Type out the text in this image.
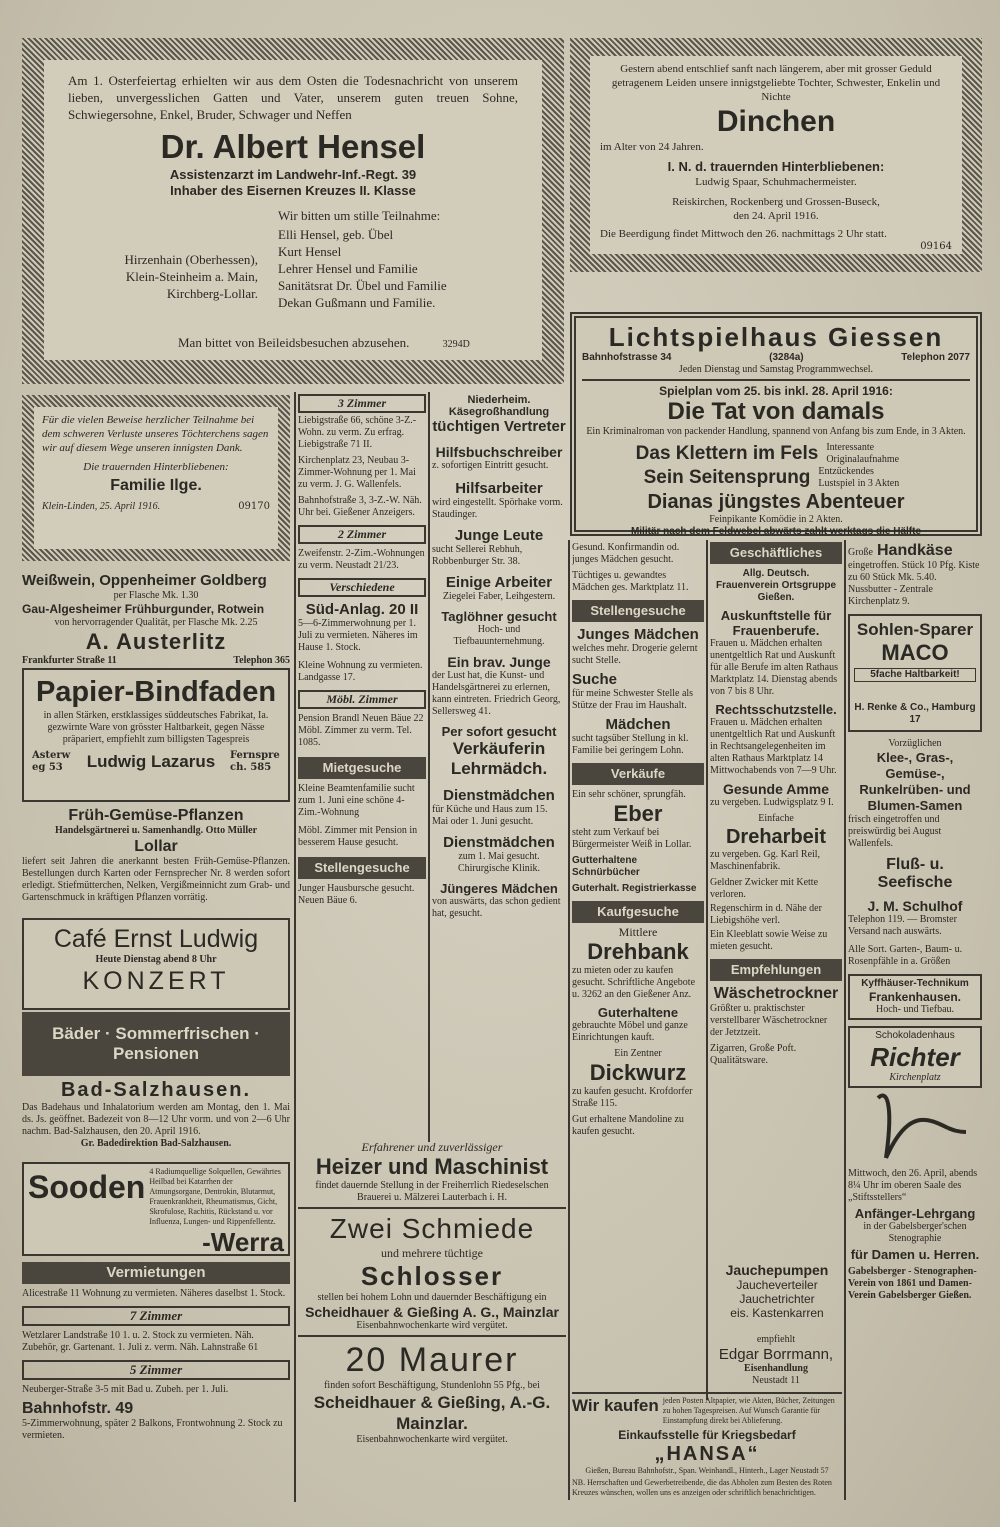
Am 1. Osterfeiertag erhielten wir aus dem Osten die Todesnachricht von unserem lieben, unvergesslichen Gatten und Vater, unserem guten treuen Sohne, Schwiegersohne, Enkel, Bruder, Schwager und Neffen

Dr. Albert Hensel
Assistenzarzt im Landwehr-Inf.-Regt. 39
Inhaber des Eisernen Kreuzes II. Klasse
Hirzenhain (Oberhessen),
Klein-Steinheim a. Main,
Kirchberg-Lollar.
Wir bitten um stille Teilnahme:
Elli Hensel, geb. Übel
Kurt Hensel
Lehrer Hensel und Familie
Sanitätsrat Dr. Übel und Familie
Dekan Gußmann und Familie.
Man bittet von Beileidsbesuchen abzusehen.	3294D

Gestern abend entschlief sanft nach längerem, aber mit grosser Geduld getragenem Leiden unsere innigstgeliebte Tochter, Schwester, Enkelin und Nichte

Dinchen
im Alter von 24 Jahren.
I. N. d. trauernden Hinterbliebenen:
Ludwig Spaar, Schuhmachermeister.
Reiskirchen, Rockenberg und Grossen-Buseck,
den 24. April 1916.
Die Beerdigung findet Mittwoch den 26. nachmittags 2 Uhr statt.
09164
Lichtspielhaus Giessen
Bahnhofstrasse 34	(3284a)	Telephon 2077
Jeden Dienstag und Samstag Programmwechsel.
Spielplan vom 25. bis inkl. 28. April 1916:
Die Tat von damals
Ein Kriminalroman von packender Handlung, spannend von Anfang bis zum Ende, in 3 Akten.
Das Klettern im Fels Interessante Originalaufnahme
Sein Seitensprung Entzückendes Lustspiel in 3 Akten
Dianas jüngstes Abenteuer
Feinpikante Komödie in 2 Akten.
Militär nach dem Feldwebel abwärts zahlt werktags die Hälfte

Für die vielen Beweise herzlicher Teilnahme bei dem schweren Verluste unseres Töchterchens sagen wir auf diesem Wege unseren innigsten Dank.

Die trauernden Hinterbliebenen:
Familie Ilge.
Klein-Linden, 25. April 1916.	09170
Weißwein, Oppenheimer Goldberg
per Flasche Mk. 1.30
Gau-Algesheimer Frühburgunder, Rotwein
von hervorragender Qualität, per Flasche Mk. 2.25
A. Austerlitz
Frankfurter Straße 11	Telephon 365
Papier-Bindfaden

in allen Stärken, erstklassiges süddeutsches Fabrikat, Ia. gezwirnte Ware von grösster Haltbarkeit, gegen Nässe präpariert, empfiehlt zum billigsten Tagespreis

Asterweg 53	Ludwig Lazarus Fernsprech. 585
Früh-Gemüse-Pflanzen
Handelsgärtnerei u. Samenhandlg. Otto Müller
Lollar

liefert seit Jahren die anerkannt besten Früh-Gemüse-Pflanzen. Bestellungen durch Karten oder Fernsprecher Nr. 8 werden sofort erledigt. Stiefmütterchen, Nelken, Vergißmeinnicht zum Grab- und Gartenschmuck in kräftigen Pflanzen vorrätig.

Café Ernst Ludwig
Heute Dienstag abend 8 Uhr
KONZERT
Bäder · Sommerfrischen · Pensionen
Bad-Salzhausen.

Das Badehaus und Inhalatorium werden am Montag, den 1. Mai ds. Js. geöffnet. Badezeit von 8—12 Uhr vorm. und von 2—6 Uhr nachm. Bad-Salzhausen, den 20. April 1916.

Gr. Badedirektion Bad-Salzhausen.
Sooden 4 Radiumquellige Solquellen, Gewährtes Heilbad bei Katarrhen der Atmungsorgane, Dentrokin, Blutarmut, Frauenkrankheit, Rheumatismus, Gicht, Skrofulose, Rachitis, Rückstand u. vor Influenza, Lungen- und Rippenfellentz.

-Werra
Vermietungen

Alicestraße 11 Wohnung zu vermieten. Näheres daselbst 1. Stock.

7 Zimmer

Wetzlarer Landstraße 10 1. u. 2. Stock zu vermieten. Näh. Zubehör, gr. Gartenant. 1. Juli z. verm. Näh. Lahnstraße 61

5 Zimmer

Neuberger-Straße 3-5 mit Bad u. Zubeh. per 1. Juli.

Bahnhofstr. 49

5-Zimmerwohnung, später 2 Balkons, Frontwohnung 2. Stock zu vermieten.

3 Zimmer

Liebigstraße 66, schöne 3-Z.-Wohn. zu verm. Zu erfrag. Liebigstraße 71 II.

Kirchenplatz 23, Neubau 3-Zimmer-Wohnung per 1. Mai zu verm. J. G. Wallenfels.

Bahnhofstraße 3, 3-Z.-W. Näh. Uhr bei. Gießener Anzeigers.

2 Zimmer

Zweifenstr. 2-Zim.-Wohnungen zu verm. Neustadt 21/23.

Verschiedene
Süd-Anlag. 20 II

5—6-Zimmerwohnung per 1. Juli zu vermieten. Näheres im Hause 1. Stock.

Kleine Wohnung zu vermieten. Landgasse 17.

Möbl. Zimmer

Pension Brandl Neuen Bäue 22 Möbl. Zimmer zu verm. Tel. 1085.

Mietgesuche

Kleine Beamtenfamilie sucht zum 1. Juni eine schöne 4-Zim.-Wohnung

Möbl. Zimmer mit Pension in besserem Hause gesucht.

Stellengesuche

Junger Hausbursche gesucht. Neuen Bäue 6.

Niederheim. Käsegroßhandlung
tüchtigen Vertreter
Hilfsbuchschreiber

z. sofortigen Eintritt gesucht.

Hilfsarbeiter

wird eingestellt. Spörhake vorm. Staudinger.

Junge Leute

sucht Sellerei Rebhuh, Robbenburger Str. 38.

Einige Arbeiter

Ziegelei Faber, Leihgestern.

Taglöhner gesucht

Hoch- und Tiefbauunternehmung.

Ein brav. Junge

der Lust hat, die Kunst- und Handelsgärtnerei zu erlernen, kann eintreten. Friedrich Georg, Sellersweg 41.

Per sofort gesucht
Verkäuferin
Lehrmädch.
Dienstmädchen

für Küche und Haus zum 15. Mai oder 1. Juni gesucht.

Dienstmädchen

zum 1. Mai gesucht. Chirurgische Klinik.

Jüngeres Mädchen

von auswärts, das schon gedient hat, gesucht.

Erfahrener und zuverlässiger
Heizer und Maschinist

findet dauernde Stellung in der Freiherrlich Riedeselschen Brauerei u. Mälzerei Lauterbach i. H.

Zwei Schmiede
und mehrere tüchtige
Schlosser

stellen bei hohem Lohn und dauernder Beschäftigung ein

Scheidhauer & Gießing A. G., Mainzlar
Eisenbahnwochenkarte wird vergütet.
20 Maurer

finden sofort Beschäftigung, Stundenlohn 55 Pfg., bei

Scheidhauer & Gießing, A.-G.
Mainzlar.
Eisenbahnwochenkarte wird vergütet.

Gesund. Konfirmandin od. junges Mädchen gesucht.

Tüchtiges u. gewandtes Mädchen ges. Marktplatz 11.

Stellengesuche
Junges Mädchen

welches mehr. Drogerie gelernt sucht Stelle.

Suche

für meine Schwester Stelle als Stütze der Frau im Haushalt.

Mädchen

sucht tagsüber Stellung in kl. Familie bei geringem Lohn.

Verkäufe

Ein sehr schöner, sprungfäh.

Eber

steht zum Verkauf bei Bürgermeister Weiß in Lollar.

Gutterhaltene Schnürbücher
Guterhalt. Registrierkasse
Kaufgesuche
Mittlere
Drehbank

zu mieten oder zu kaufen gesucht. Schriftliche Angebote u. 3262 an den Gießener Anz.

Guterhaltene

gebrauchte Möbel und ganze Einrichtungen kauft.

Ein Zentner
Dickwurz

zu kaufen gesucht. Krofdorfer Straße 115.

Gut erhaltene Mandoline zu kaufen gesucht.

Geschäftliches
Allg. Deutsch. Frauenverein Ortsgruppe Gießen.
Auskunftstelle für Frauenberufe.

Frauen u. Mädchen erhalten unentgeltlich Rat und Auskunft für alle Berufe im alten Rathaus Marktplatz 14. Dienstag abends von 7 bis 8 Uhr.

Rechtsschutzstelle.

Frauen u. Mädchen erhalten unentgeltlich Rat und Auskunft in Rechtsangelegenheiten im alten Rathaus Marktplatz 14 Mittwochabends von 7—9 Uhr.

Gesunde Amme

zu vergeben. Ludwigsplatz 9 I.

Einfache
Dreharbeit

zu vergeben. Gg. Karl Reil, Maschinenfabrik.

Geldner Zwicker mit Kette verloren.

Regenschirm in d. Nähe der Liebigshöhe verl.

Ein Kleeblatt sowie Weise zu mieten gesucht.

Empfehlungen
Wäschetrockner

Größter u. praktischster verstellbarer Wäschetrockner der Jetztzeit.

Zigarren, Große Poft. Qualitätsware.

Jauchepumpen
Jaucheverteiler
Jauchetrichter
eis. Kastenkarren
empfiehlt
Edgar Borrmann,
Eisenhandlung
Neustadt 11
Wir kaufen jeden Posten Altpapier, wie Akten, Bücher, Zeitungen zu hohen Tagespreisen. Auf Wunsch Garantie für Einstampfung direkt bei Ablieferung.

Einkaufsstelle für Kriegsbedarf
„HANSA“
Gießen, Bureau Bahnhofstr., Span. Weinhandl., Hinterh., Lager Neustadt 57

NB. Herrschaften und Gewerbetreibende, die das Abholen zum Besten des Roten Kreuzes wünschen, wollen uns es anzeigen oder schriftlich benachrichtigen.

Große Handkäse

eingetroffen. Stück 10 Pfg. Kiste zu 60 Stück Mk. 5.40. Nussbutter - Zentrale Kirchenplatz 9.

Sohlen-Sparer
MACO
5fache Haltbarkeit!
H. Renke & Co., Hamburg 17
Vorzüglichen
Klee-, Gras-, Gemüse-, Runkelrüben- und Blumen-Samen

frisch eingetroffen und preiswürdig bei August Wallenfels.

Fluß- u. Seefische
J. M. Schulhof

Telephon 119. — Bromster Versand nach auswärts.

Alle Sort. Garten-, Baum- u. Rosenpfähle in a. Größen

Kyffhäuser-Technikum
Frankenhausen.
Hoch- und Tiefbau.
Schokoladenhaus
Richter
Kirchenplatz

Mittwoch, den 26. April, abends 8¼ Uhr im oberen Saale des „Stiftsstellers“

Anfänger-Lehrgang
in der Gabelsberger'schen Stenographie
für Damen u. Herren.

Gabelsberger - Stenographen-Verein von 1861 und Damen-Verein Gabelsberger Gießen.
